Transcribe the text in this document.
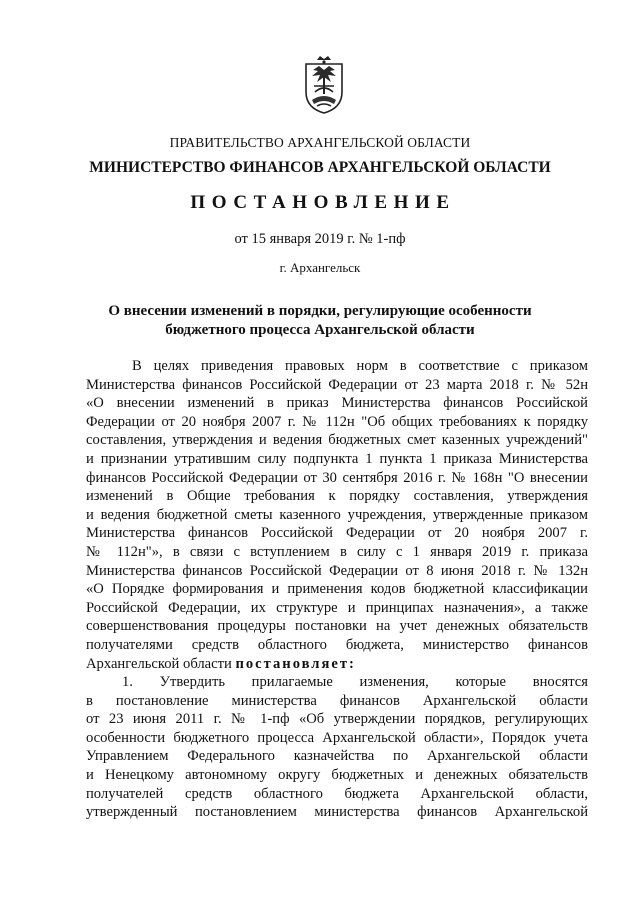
ПРАВИТЕЛЬСТВО АРХАНГЕЛЬСКОЙ ОБЛАСТИ
МИНИСТЕРСТВО ФИНАНСОВ АРХАНГЕЛЬСКОЙ ОБЛАСТИ
ПОСТАНОВЛЕНИЕ
от 15 января 2019 г. № 1-пф
г. Архангельск
О внесении изменений в порядки, регулирующие особенности
бюджетного процесса Архангельской области
В целях приведения правовых норм в соответствие с приказом
Министерства финансов Российской Федерации от 23 марта 2018 г. № 52н
«О внесении изменений в приказ Министерства финансов Российской
Федерации от 20 ноября 2007 г. № 112н "Об общих требованиях к порядку
составления, утверждения и ведения бюджетных смет казенных учреждений"
и признании утратившим силу подпункта 1 пункта 1 приказа Министерства
финансов Российской Федерации от 30 сентября 2016 г. № 168н "О внесении
изменений в Общие требования к порядку составления, утверждения
и ведения бюджетной сметы казенного учреждения, утвержденные приказом
Министерства финансов Российской Федерации от 20 ноября 2007 г.
№ 112н"», в связи с вступлением в силу с 1 января 2019 г. приказа
Министерства финансов Российской Федерации от 8 июня 2018 г. № 132н
«О Порядке формирования и применения кодов бюджетной классификации
Российской Федерации, их структуре и принципах назначения», а также
совершенствования процедуры постановки на учет денежных обязательств
получателями средств областного бюджета, министерство финансов
Архангельской области постановляет:
1. Утвердить прилагаемые изменения, которые вносятся
в постановление министерства финансов Архангельской области
от 23 июня 2011 г. № 1-пф «Об утверждении порядков, регулирующих
особенности бюджетного процесса Архангельской области», Порядок учета
Управлением Федерального казначейства по Архангельской области
и Ненецкому автономному округу бюджетных и денежных обязательств
получателей средств областного бюджета Архангельской области,
утвержденный постановлением министерства финансов Архангельской
